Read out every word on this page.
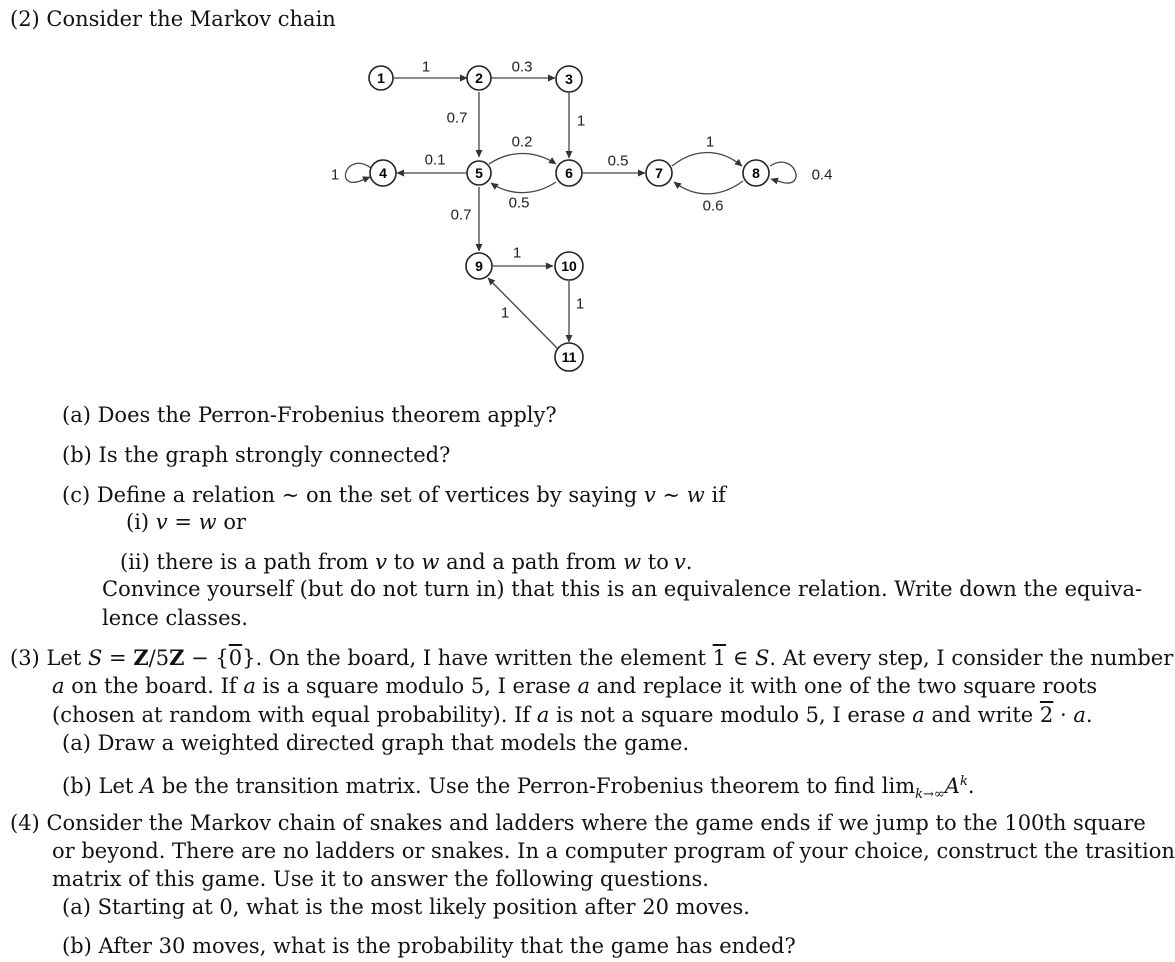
(2) Consider the Markov chain
1	0.3
0.7	1
0.1
1
0.2
0.5
0.7
0.5
1
0.6
0.4
1
1
1
1	2	3
4	5	6	7	8
9	10
11
(a) Does the Perron-Frobenius theorem apply?
(b) Is the graph strongly connected?
(c) Define a relation ∼ on the set of vertices by saying v ∼ w if
(i) v = w or
(ii) there is a path from v to w and a path from w to v.
Convince yourself (but do not turn in) that this is an equivalence relation. Write down the equiva-
lence classes.
(3) Let S = Z/5Z − {0}. On the board, I have written the element 1 ∈ S. At every step, I consider the number
a on the board. If a is a square modulo 5, I erase a and replace it with one of the two square roots
(chosen at random with equal probability). If a is not a square modulo 5, I erase a and write 2 · a.
(a) Draw a weighted directed graph that models the game.
(b) Let A be the transition matrix. Use the Perron-Frobenius theorem to find $\lim_{k\to\infty}A^k$.
(4) Consider the Markov chain of snakes and ladders where the game ends if we jump to the 100th square
or beyond. There are no ladders or snakes. In a computer program of your choice, construct the trasition
matrix of this game. Use it to answer the following questions.
(a) Starting at 0, what is the most likely position after 20 moves.
(b) After 30 moves, what is the probability that the game has ended?
